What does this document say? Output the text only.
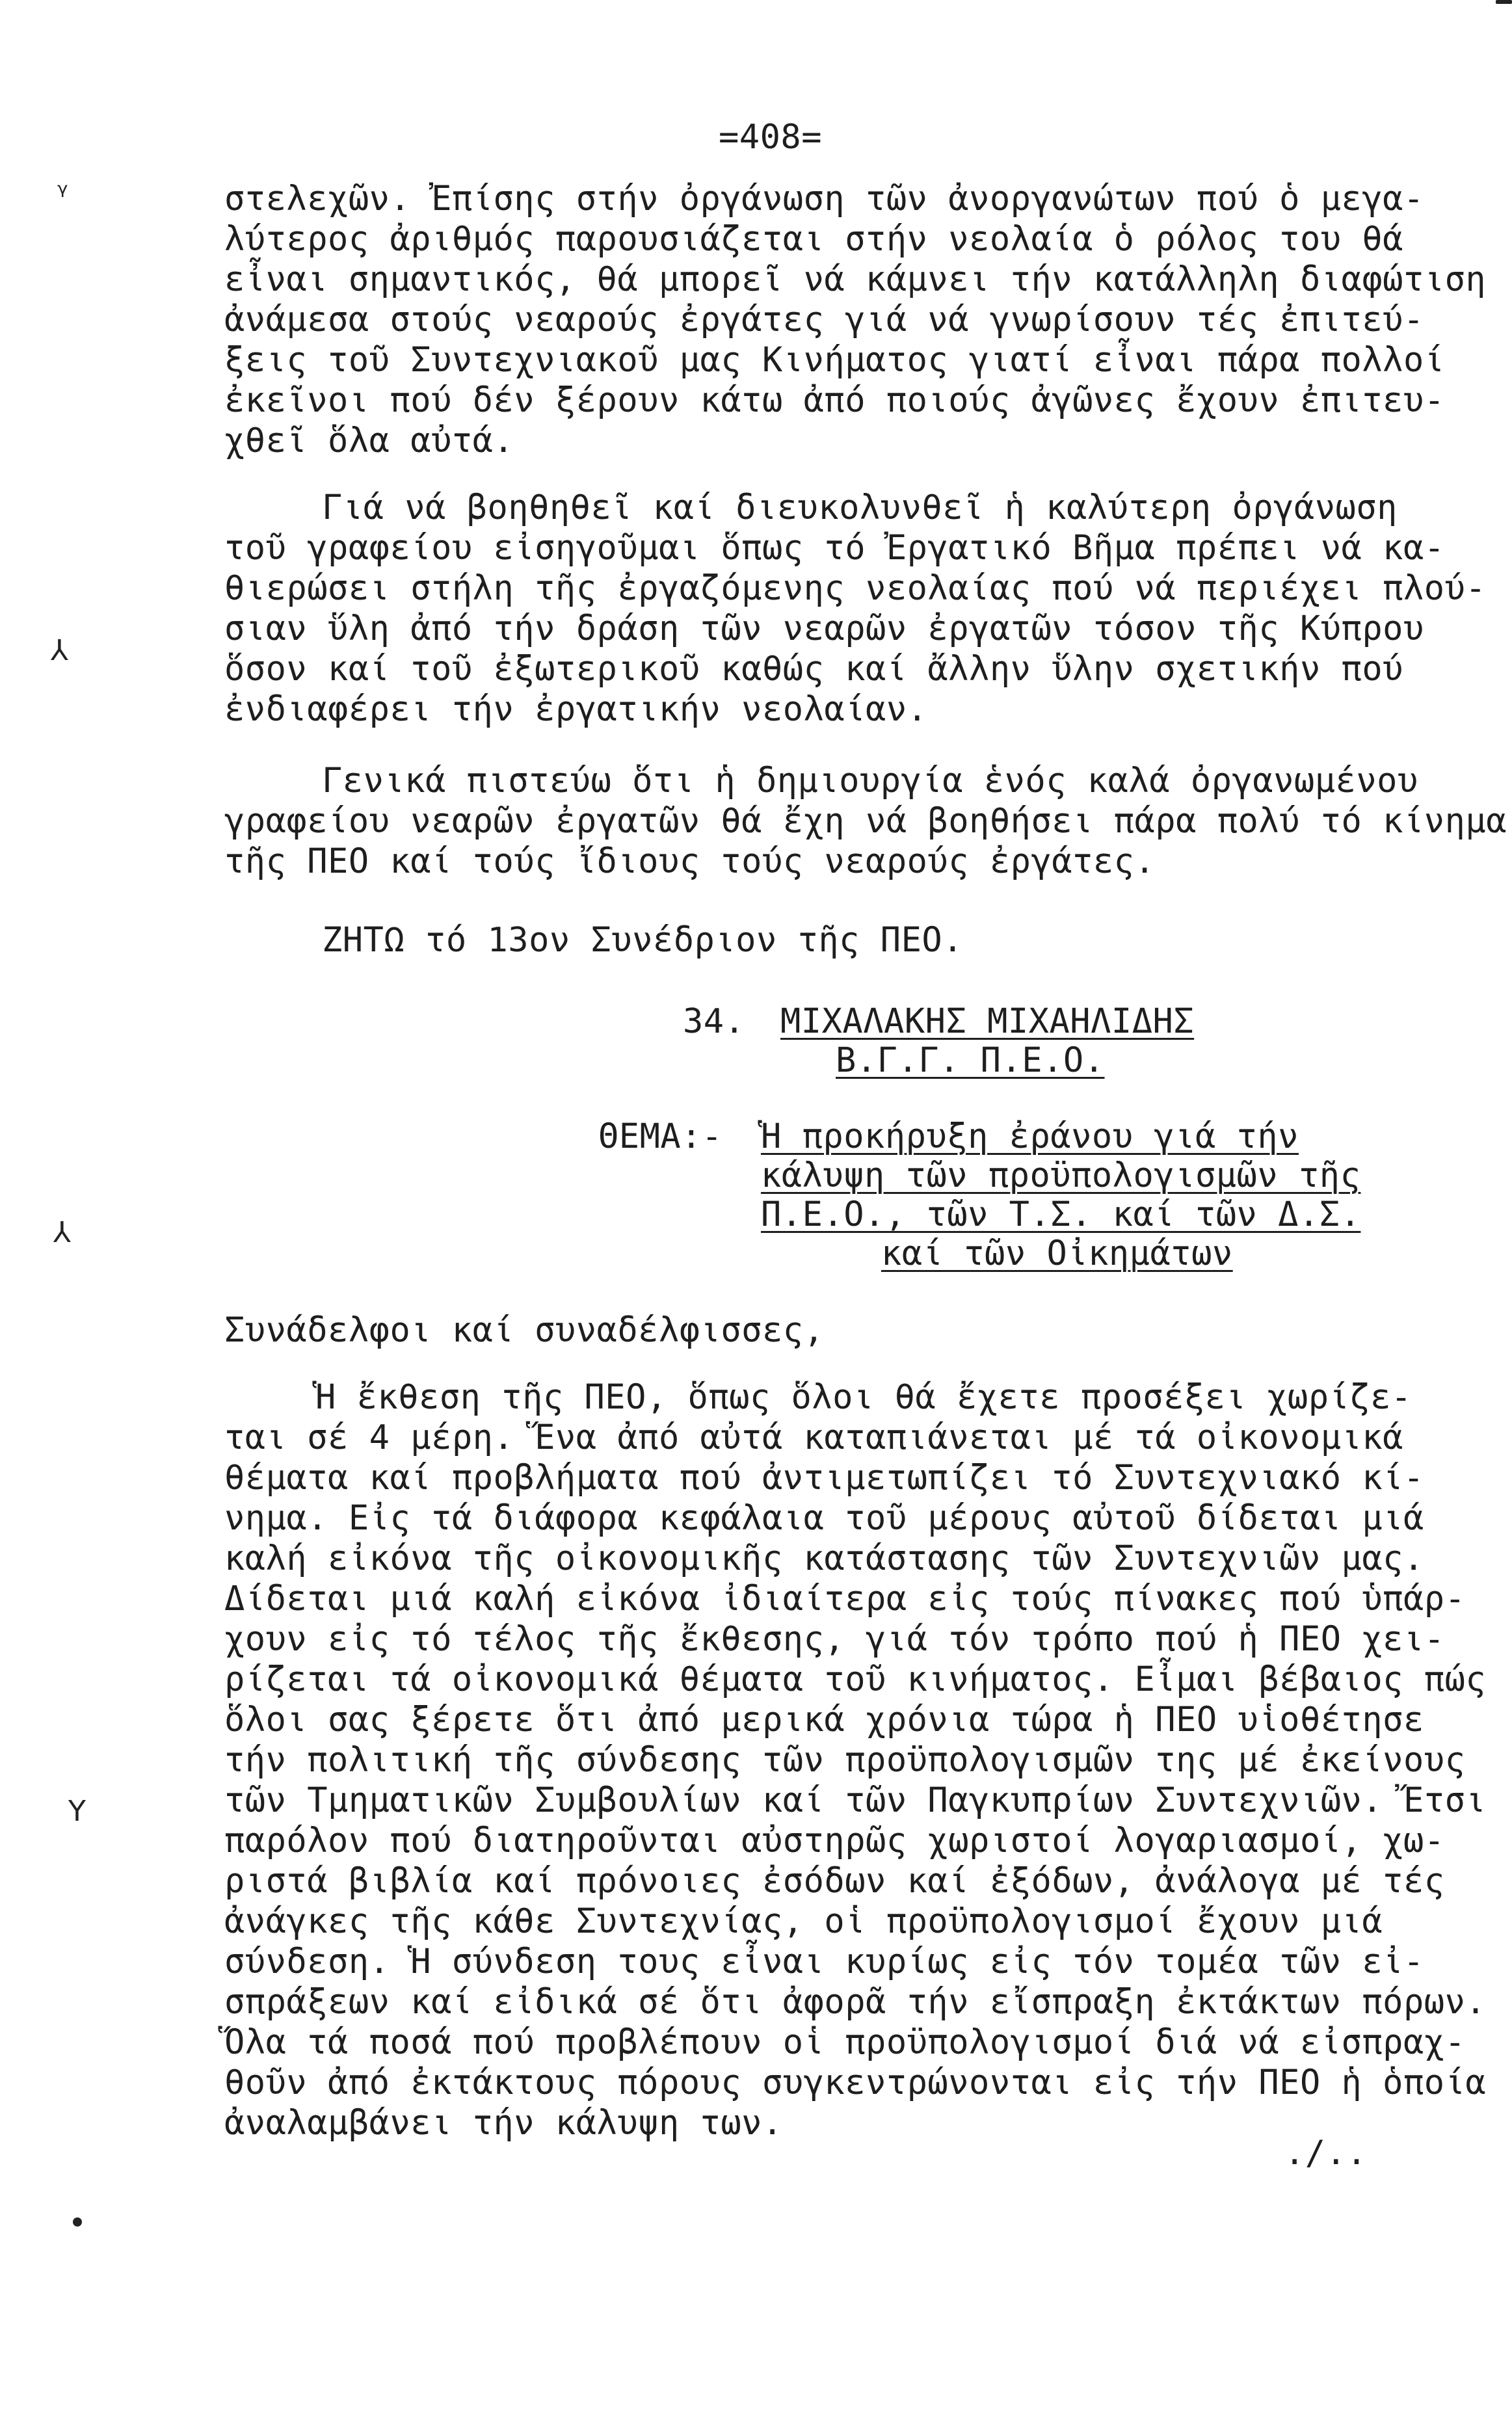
=408=
στελεχῶν. Ἐπίσης στήν ὀργάνωση τῶν ἀνοργανώτων πού ὁ μεγα-
λύτερος ἀριθμός παρουσιάζεται στήν νεολαία ὁ ρόλος του θά
εἶναι σημαντικός, θά μπορεῖ νά κάμνει τήν κατάλληλη διαφώτιση
ἀνάμεσα στούς νεαρούς ἐργάτες γιά νά γνωρίσουν τές ἐπιτεύ-
ξεις τοῦ Συντεχνιακοῦ μας Κινήματος γιατί εἶναι πάρα πολλοί
ἐκεῖνοι πού δέν ξέρουν κάτω ἀπό ποιούς ἀγῶνες ἔχουν ἐπιτευ-
χθεῖ ὅλα αὐτά.
Γιά νά βοηθηθεῖ καί διευκολυνθεῖ ἡ καλύτερη ὀργάνωση
τοῦ γραφείου εἰσηγοῦμαι ὅπως τό Ἐργατικό Βῆμα πρέπει νά κα-
θιερώσει στήλη τῆς ἐργαζόμενης νεολαίας πού νά περιέχει πλού-
σιαν ὕλη ἀπό τήν δράση τῶν νεαρῶν ἐργατῶν τόσον τῆς Κύπρου
ὅσον καί τοῦ ἐξωτερικοῦ καθώς καί ἄλλην ὕλην σχετικήν πού
ἐνδιαφέρει τήν ἐργατικήν νεολαίαν.
Γενικά πιστεύω ὅτι ἡ δημιουργία ἑνός καλά ὀργανωμένου
γραφείου νεαρῶν ἐργατῶν θά ἔχη νά βοηθήσει πάρα πολύ τό κίνημα
τῆς ΠΕΟ καί τούς ἴδιους τούς νεαρούς ἐργάτες.
ΖΗΤΩ τό 13ον Συνέδριον τῆς ΠΕΟ.
34. ΜΙΧΑΛΑΚΗΣ ΜΙΧΑΗΛΙΔΗΣ
Β.Γ.Γ. Π.Ε.Ο.
ΘΕΜΑ:- Ἡ προκήρυξη ἐράνου γιά τήν
κάλυψη τῶν προϋπολογισμῶν τῆς
Π.Ε.Ο., τῶν Τ.Σ. καί τῶν Δ.Σ.
καί τῶν Οἰκημάτων
Συνάδελφοι καί συναδέλφισσες,
Ἡ ἔκθεση τῆς ΠΕΟ, ὅπως ὅλοι θά ἔχετε προσέξει χωρίζε-
ται σέ 4 μέρη. Ἕνα ἀπό αὐτά καταπιάνεται μέ τά οἰκονομικά
θέματα καί προβλήματα πού ἀντιμετωπίζει τό Συντεχνιακό κί-
νημα. Εἰς τά διάφορα κεφάλαια τοῦ μέρους αὐτοῦ δίδεται μιά
καλή εἰκόνα τῆς οἰκονομικῆς κατάστασης τῶν Συντεχνιῶν μας.
Δίδεται μιά καλή εἰκόνα ἰδιαίτερα εἰς τούς πίνακες πού ὑπάρ-
χουν εἰς τό τέλος τῆς ἔκθεσης, γιά τόν τρόπο πού ἡ ΠΕΟ χει-
ρίζεται τά οἰκονομικά θέματα τοῦ κινήματος. Εἶμαι βέβαιος πώς
ὅλοι σας ξέρετε ὅτι ἀπό μερικά χρόνια τώρα ἡ ΠΕΟ υἱοθέτησε
τήν πολιτική τῆς σύνδεσης τῶν προϋπολογισμῶν της μέ ἐκείνους
τῶν Τμηματικῶν Συμβουλίων καί τῶν Παγκυπρίων Συντεχνιῶν. Ἔτσι
παρόλον πού διατηροῦνται αὐστηρῶς χωριστοί λογαριασμοί, χω-
ριστά βιβλία καί πρόνοιες ἐσόδων καί ἐξόδων, ἀνάλογα μέ τές
ἀνάγκες τῆς κάθε Συντεχνίας, οἱ προϋπολογισμοί ἔχουν μιά
σύνδεση. Ἡ σύνδεση τους εἶναι κυρίως εἰς τόν τομέα τῶν εἰ-
σπράξεων καί εἰδικά σέ ὅτι ἀφορᾶ τήν εἴσπραξη ἐκτάκτων πόρων.
Ὅλα τά ποσά πού προβλέπουν οἱ προϋπολογισμοί διά νά εἰσπραχ-
θοῦν ἀπό ἐκτάκτους πόρους συγκεντρώνονται εἰς τήν ΠΕΟ ἡ ὁποία
ἀναλαμβάνει τήν κάλυψη των.
./..
ᵞ
⅄
⅄
Y
